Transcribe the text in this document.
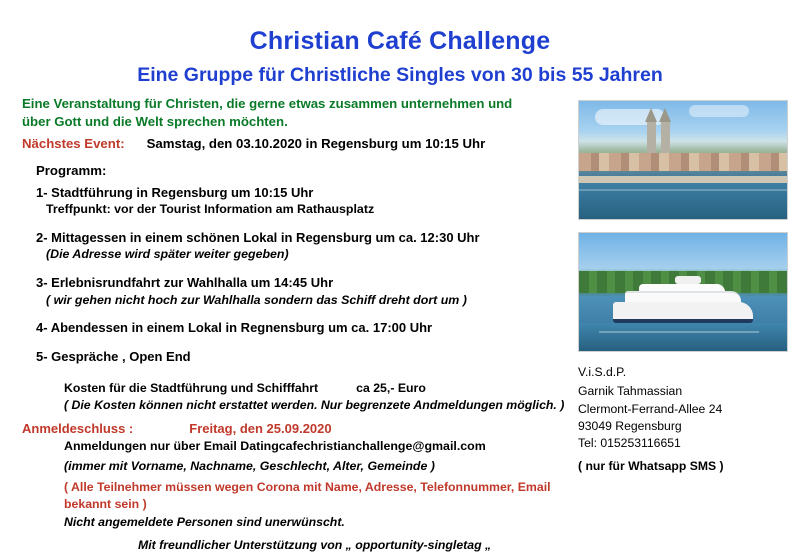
Christian Café Challenge
Eine Gruppe für Christliche Singles von 30 bis 55 Jahren
Eine Veranstaltung für Christen, die gerne etwas zusammen unternehmen und
über Gott und die Welt sprechen möchten.
Nächstes Event: Samstag, den 03.10.2020 in Regensburg um 10:15 Uhr
Programm:
1- Stadtführung in Regensburg um 10:15 Uhr
Treffpunkt: vor der Tourist Information am Rathausplatz
2- Mittagessen in einem schönen Lokal in Regensburg um ca. 12:30 Uhr
(Die Adresse wird später weiter gegeben)
3- Erlebnisrundfahrt zur Wahlhalla um 14:45 Uhr
( wir gehen nicht hoch zur Wahlhalla sondern das Schiff dreht dort um )
4- Abendessen in einem Lokal in Regnensburg um ca. 17:00 Uhr
5- Gespräche , Open End
Kosten für die Stadtführung und Schifffahrt	ca 25,- Euro
( Die Kosten können nicht erstattet werden. Nur begrenzete Andmeldungen möglich. )
Anmeldeschluss :	Freitag, den 25.09.2020
Anmeldungen nur über Email Datingcafechristianchallenge@gmail.com
(immer mit Vorname, Nachname, Geschlecht, Alter, Gemeinde )
( Alle Teilnehmer müssen wegen Corona mit Name, Adresse, Telefonnummer, Email bekannt sein )
Nicht angemeldete Personen sind unerwünscht.
Mit freundlicher Unterstützung von „ opportunity-singletag „
V.i.S.d.P.
Garnik Tahmassian
Clermont-Ferrand-Allee 24
93049 Regensburg
Tel: 015253116651
( nur für Whatsapp SMS )
